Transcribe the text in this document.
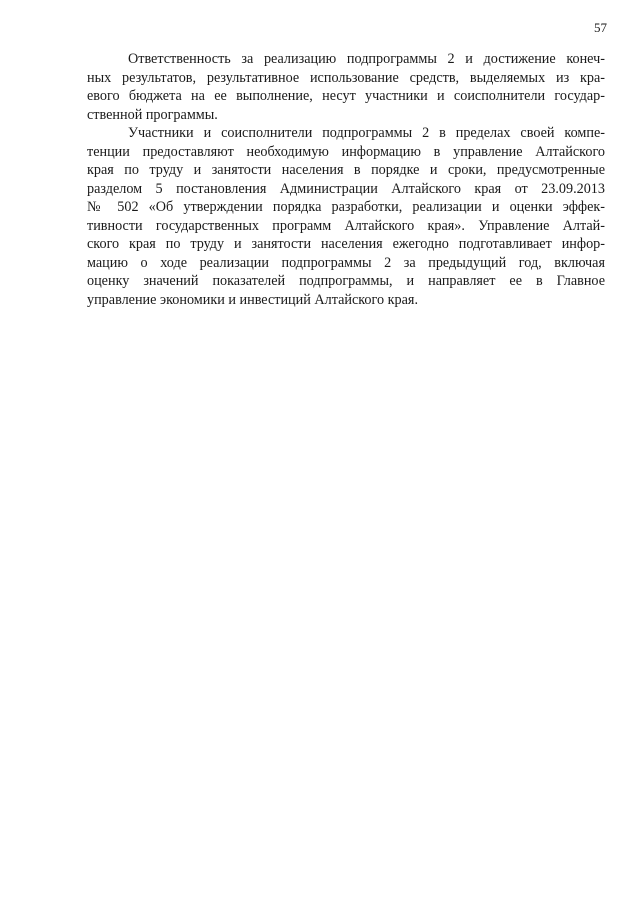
57
Ответственность за реализацию подпрограммы 2 и достижение конеч-
ных результатов, результативное использование средств, выделяемых из кра-
евого бюджета на ее выполнение, несут участники и соисполнители государ-
ственной программы.
Участники и соисполнители подпрограммы 2 в пределах своей компе-
тенции предоставляют необходимую информацию в управление Алтайского
края по труду и занятости населения в порядке и сроки, предусмотренные
разделом 5 постановления Администрации Алтайского края от 23.09.2013
№ 502 «Об утверждении порядка разработки, реализации и оценки эффек-
тивности государственных программ Алтайского края». Управление Алтай-
ского края по труду и занятости населения ежегодно подготавливает инфор-
мацию о ходе реализации подпрограммы 2 за предыдущий год, включая
оценку значений показателей подпрограммы, и направляет ее в Главное
управление экономики и инвестиций Алтайского края.
